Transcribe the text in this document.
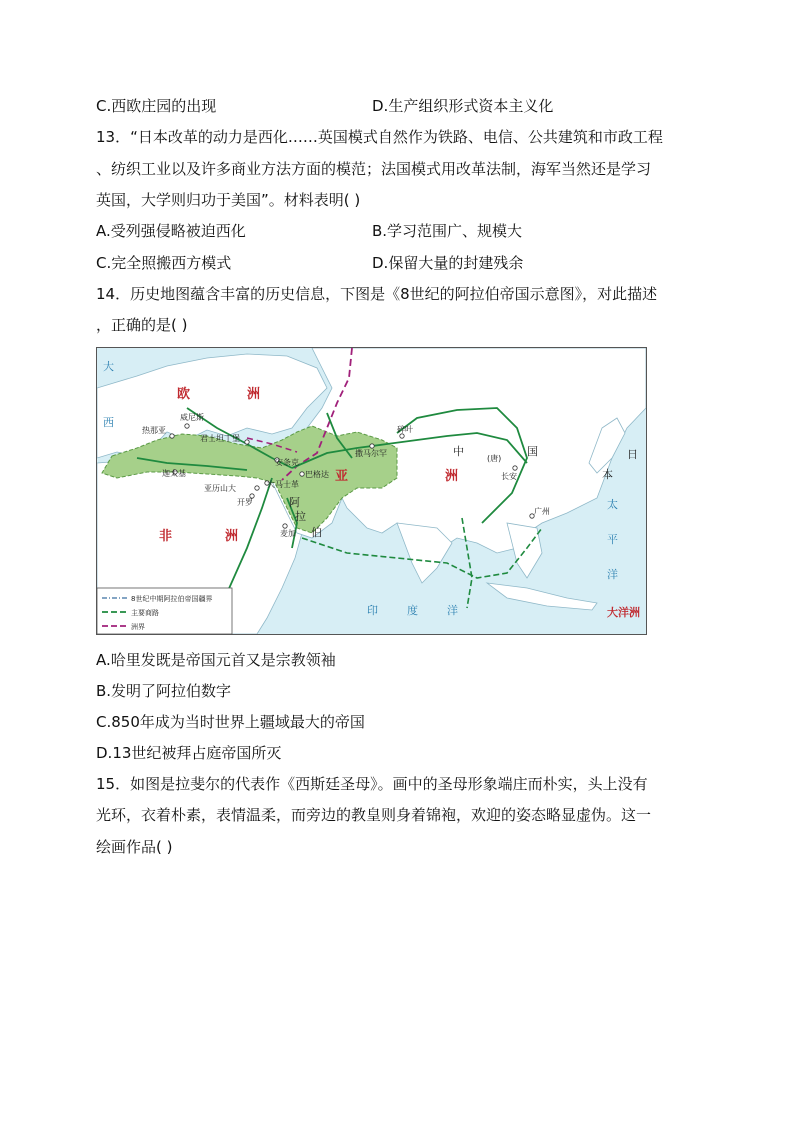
C.西欧庄园的出现	D.生产组织形式资本主义化
13．“日本改革的动力是西化……英国模式自然作为铁路、电信、公共建筑和市政工程
、纺织工业以及许多商业方法方面的模范；法国模式用改革法制，海军当然还是学习
英国，大学则归功于美国”。材料表明( )
A.受列强侵略被迫西化	B.学习范围广、规模大
C.完全照搬西方模式	D.保留大量的封建残余
14．历史地图蕴含丰富的历史信息，下图是《8世纪的阿拉伯帝国示意图》，对此描述
，正确的是( )
欧	洲
亚	洲
非	洲
阿
拉
伯
中	国
(唐)	日
本
大
西
太
平
洋
印	度	洋	大洋洲
威尼斯
热那亚
君士坦丁堡
迦太基
安条克
巴格达
亚历山大	大马士革
开罗
麦加
撒马尔罕
碎叶
长安
广州
8世纪中期阿拉伯帝国疆界
主要商路
洲界
A.哈里发既是帝国元首又是宗教领袖
B.发明了阿拉伯数字
C.850年成为当时世界上疆域最大的帝国
D.13世纪被拜占庭帝国所灭
15．如图是拉斐尔的代表作《西斯廷圣母》。画中的圣母形象端庄而朴实，头上没有
光环，衣着朴素，表情温柔，而旁边的教皇则身着锦袍，欢迎的姿态略显虚伪。这一
绘画作品( )
